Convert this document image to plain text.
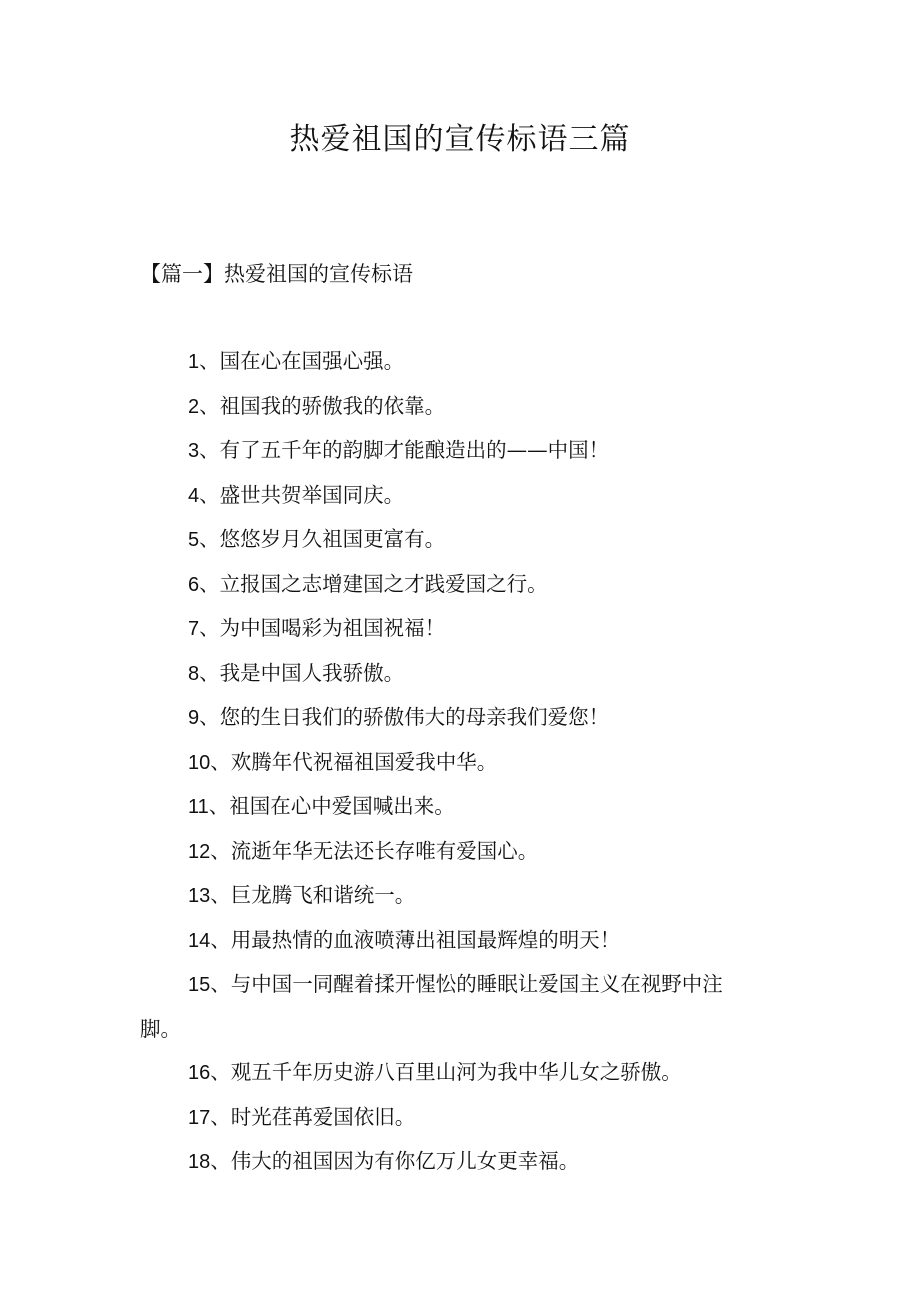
热爱祖国的宣传标语三篇
【篇一】热爱祖国的宣传标语
1、国在心在国强心强。
2、祖国我的骄傲我的依靠。
3、有了五千年的韵脚才能酿造出的——中国！
4、盛世共贺举国同庆。
5、悠悠岁月久祖国更富有。
6、立报国之志增建国之才践爱国之行。
7、为中国喝彩为祖国祝福！
8、我是中国人我骄傲。
9、您的生日我们的骄傲伟大的母亲我们爱您！
10、欢腾年代祝福祖国爱我中华。
11、祖国在心中爱国喊出来。
12、流逝年华无法还长存唯有爱国心。
13、巨龙腾飞和谐统一。
14、用最热情的血液喷薄出祖国最辉煌的明天！
15、与中国一同醒着揉开惺忪的睡眠让爱国主义在视野中注脚。
16、观五千年历史游八百里山河为我中华儿女之骄傲。
17、时光荏苒爱国依旧。
18、伟大的祖国因为有你亿万儿女更幸福。
